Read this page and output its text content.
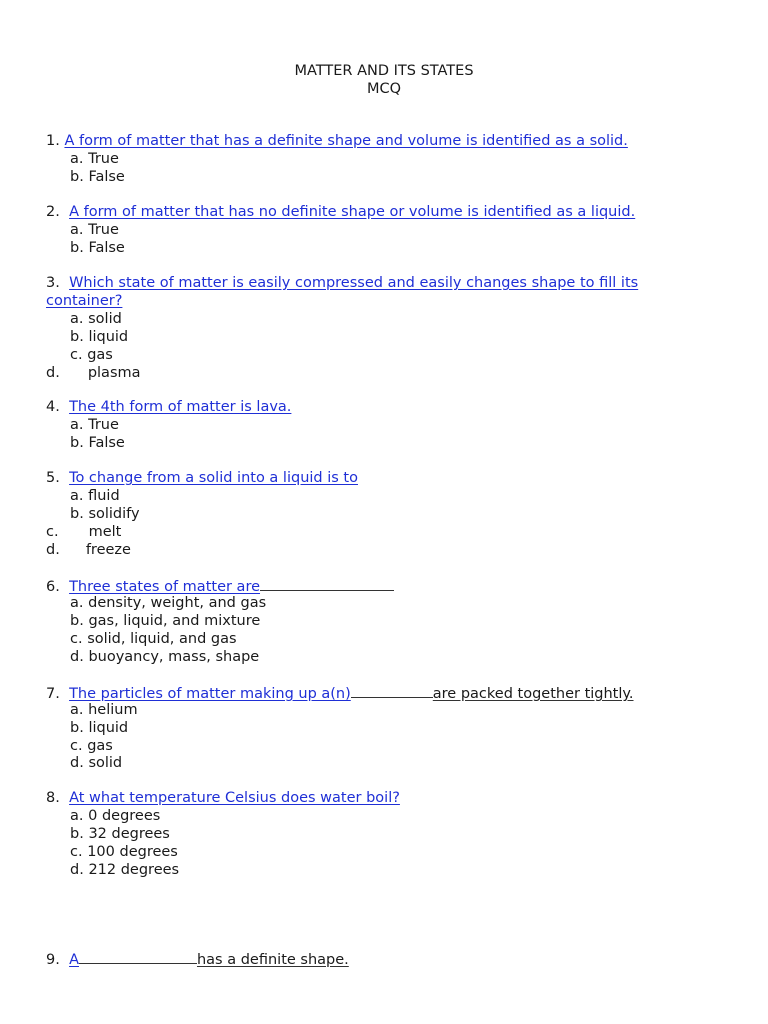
MATTER AND ITS STATES
MCQ
1. A form of matter that has a definite shape and volume is identified as a solid.
a. True
b. False
2. A form of matter that has no definite shape or volume is identified as a liquid.
a. True
b. False
3. Which state of matter is easily compressed and easily changes shape to fill its
container?
a. solid
b. liquid
c. gas
d. plasma
4. The 4th form of matter is lava.
a. True
b. False
5. To change from a solid into a liquid is to
a. fluid
b. solidify
c. melt
d. freeze
6. Three states of matter are
a. density, weight, and gas
b. gas, liquid, and mixture
c. solid, liquid, and gas
d. buoyancy, mass, shape
7. The particles of matter making up a(n)	are packed together tightly.
a. helium
b. liquid
c. gas
d. solid
8. At what temperature Celsius does water boil?
a. 0 degrees
b. 32 degrees
c. 100 degrees
d. 212 degrees
9. A	has a definite shape.
